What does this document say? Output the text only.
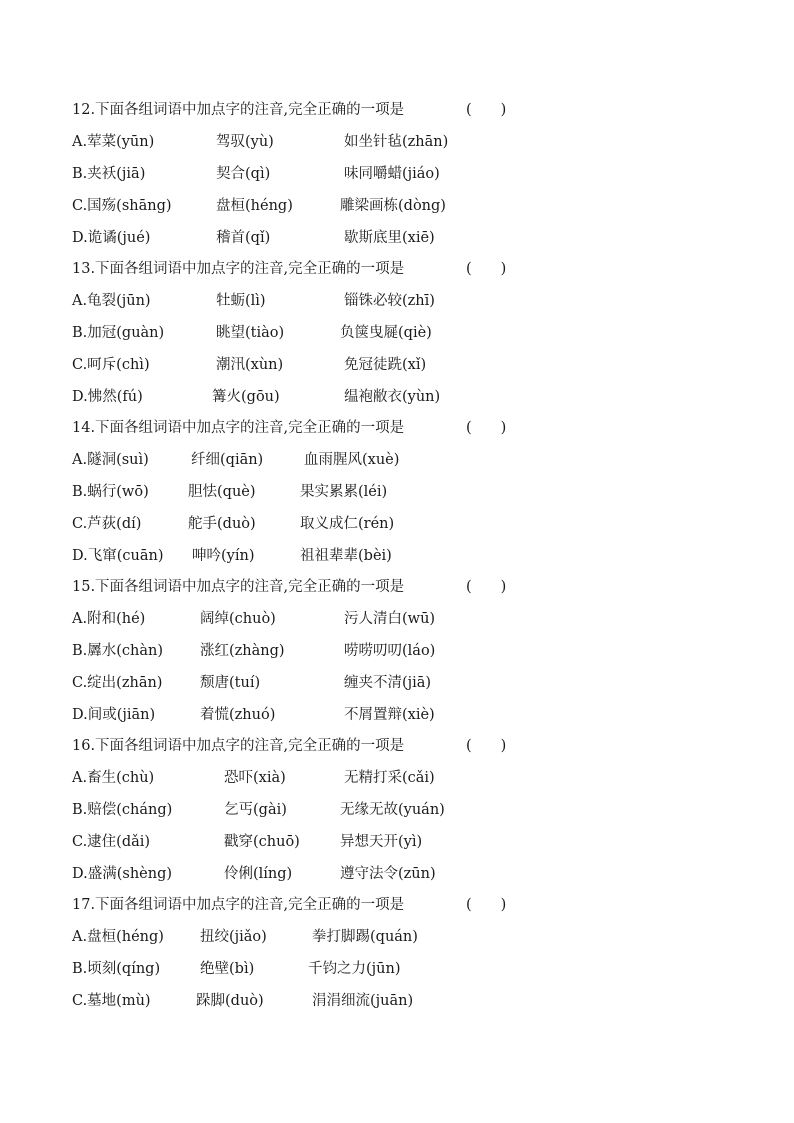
12.下面各组词语中加点字的注音,完全正确的一项是	(　　)
A.荤菜(yūn)	驾驭(yù)	如坐针毡(zhān)
B.夹袄(jiā)	契合(qì)	味同嚼蜡(jiáo)
C.国殇(shāng)	盘桓(héng)	雕梁画栋(dòng)
D.诡谲(jué)	稽首(qǐ)	歇斯底里(xiē)
13.下面各组词语中加点字的注音,完全正确的一项是	(　　)
A.龟裂(jūn)	牡蛎(lì)	锱铢必较(zhī)
B.加冠(guàn)	眺望(tiào)	负箧曳屣(qiè)
C.呵斥(chì)	潮汛(xùn)	免冠徒跣(xǐ)
D.怫然(fú)	篝火(gōu)	缊袍敝衣(yùn)
14.下面各组词语中加点字的注音,完全正确的一项是	(　　)
A.隧洞(suì)	纤细(qiān)	血雨腥风(xuè)
B.蜗行(wō)	胆怯(què)	果实累累(léi)
C.芦荻(dí)	舵手(duò)	取义成仁(rén)
D.飞窜(cuān) 呻吟(yín)	祖祖辈辈(bèi)
15.下面各组词语中加点字的注音,完全正确的一项是	(　　)
A.附和(hé)	阔绰(chuò)	污人清白(wū)
B.羼水(chàn)	涨红(zhàng)	唠唠叨叨(láo)
C.绽出(zhān)	颓唐(tuí)	缠夹不清(jiā)
D.间或(jiān)	着慌(zhuó)	不屑置辩(xiè)
16.下面各组词语中加点字的注音,完全正确的一项是	(　　)
A.畜生(chù)	恐吓(xià)	无精打采(cǎi)
B.赔偿(cháng)	乞丐(gài)	无缘无故(yuán)
C.逮住(dǎi)	戳穿(chuō)	异想天开(yì)
D.盛满(shèng)	伶俐(líng)	遵守法令(zūn)
17.下面各组词语中加点字的注音,完全正确的一项是	(　　)
A.盘桓(héng) 扭绞(jiǎo)	拳打脚踢(quán)
B.顷刻(qíng)	绝壁(bì)	千钧之力(jūn)
C.墓地(mù)	跺脚(duò)	涓涓细流(juān)
